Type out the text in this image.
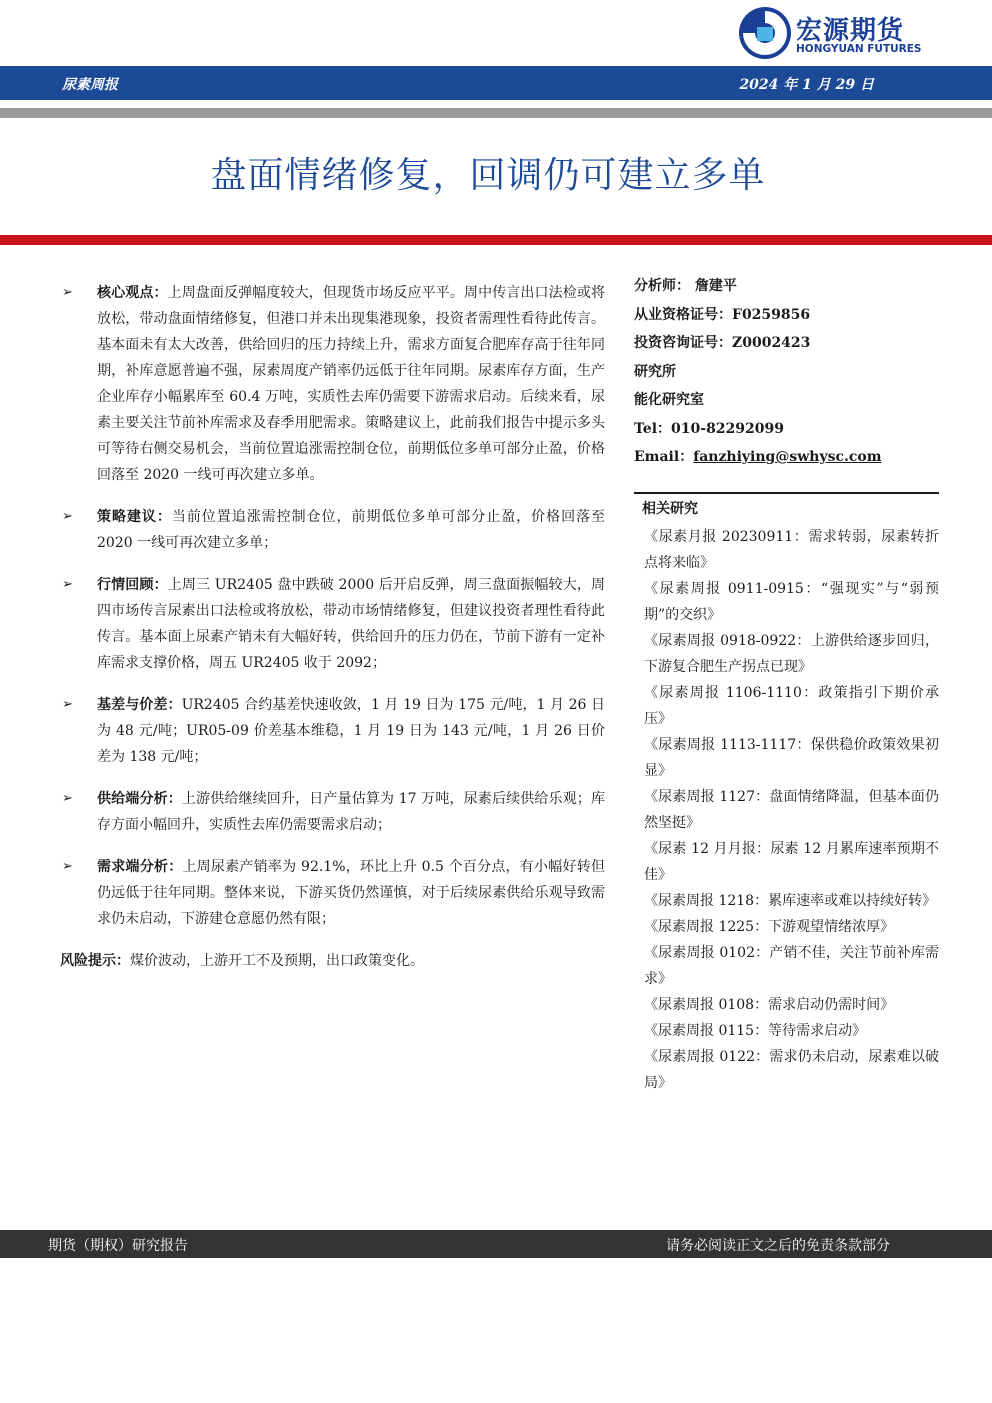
宏源期货
HONGYUAN FUTURES
尿素周报	2024 年 1 月 29 日
盘面情绪修复，回调仍可建立多单
➢ 核心观点：上周盘面反弹幅度较大，但现货市场反应平平。周中传言出口法检或将放松，带动盘面情绪修复，但港口并未出现集港现象，投资者需理性看待此传言。基本面未有太大改善，供给回归的压力持续上升，需求方面复合肥库存高于往年同期，补库意愿普遍不强，尿素周度产销率仍远低于往年同期。尿素库存方面，生产企业库存小幅累库至 60.4 万吨，实质性去库仍需要下游需求启动。后续来看，尿素主要关注节前补库需求及春季用肥需求。策略建议上，此前我们报告中提示多头可等待右侧交易机会，当前位置追涨需控制仓位，前期低位多单可部分止盈，价格回落至 2020 一线可再次建立多单。
➢ 策略建议：当前位置追涨需控制仓位，前期低位多单可部分止盈，价格回落至 2020 一线可再次建立多单；
➢ 行情回顾：上周三 UR2405 盘中跌破 2000 后开启反弹，周三盘面振幅较大，周四市场传言尿素出口法检或将放松，带动市场情绪修复，但建议投资者理性看待此传言。基本面上尿素产销未有大幅好转，供给回升的压力仍在，节前下游有一定补库需求支撑价格，周五 UR2405 收于 2092；
➢ 基差与价差：UR2405 合约基差快速收敛，1 月 19 日为 175 元/吨，1 月 26 日为 48 元/吨；UR05-09 价差基本维稳，1 月 19 日为 143 元/吨，1 月 26 日价差为 138 元/吨；
➢ 供给端分析：上游供给继续回升，日产量估算为 17 万吨，尿素后续供给乐观；库存方面小幅回升，实质性去库仍需要需求启动；
➢ 需求端分析：上周尿素产销率为 92.1%，环比上升 0.5 个百分点，有小幅好转但仍远低于往年同期。整体来说，下游买货仍然谨慎，对于后续尿素供给乐观导致需求仍未启动，下游建仓意愿仍然有限；
风险提示：煤价波动，上游开工不及预期，出口政策变化。
分析师： 詹建平
从业资格证号：F0259856
投资咨询证号：Z0002423
研究所
能化研究室
Tel：010-82292099
Email：fanzhiying@swhysc.com
相关研究
《尿素月报 20230911：需求转弱，尿素转折点将来临》
《尿素周报 0911-0915：“强现实”与“弱预期”的交织》
《尿素周报 0918-0922：上游供给逐步回归，下游复合肥生产拐点已现》
《尿素周报 1106-1110：政策指引下期价承压》
《尿素周报 1113-1117：保供稳价政策效果初显》
《尿素周报 1127：盘面情绪降温，但基本面仍然坚挺》
《尿素 12 月月报：尿素 12 月累库速率预期不佳》
《尿素周报 1218：累库速率或难以持续好转》
《尿素周报 1225：下游观望情绪浓厚》
《尿素周报 0102：产销不佳，关注节前补库需求》
《尿素周报 0108：需求启动仍需时间》
《尿素周报 0115：等待需求启动》
《尿素周报 0122：需求仍未启动，尿素难以破局》
期货（期权）研究报告	请务必阅读正文之后的免责条款部分
